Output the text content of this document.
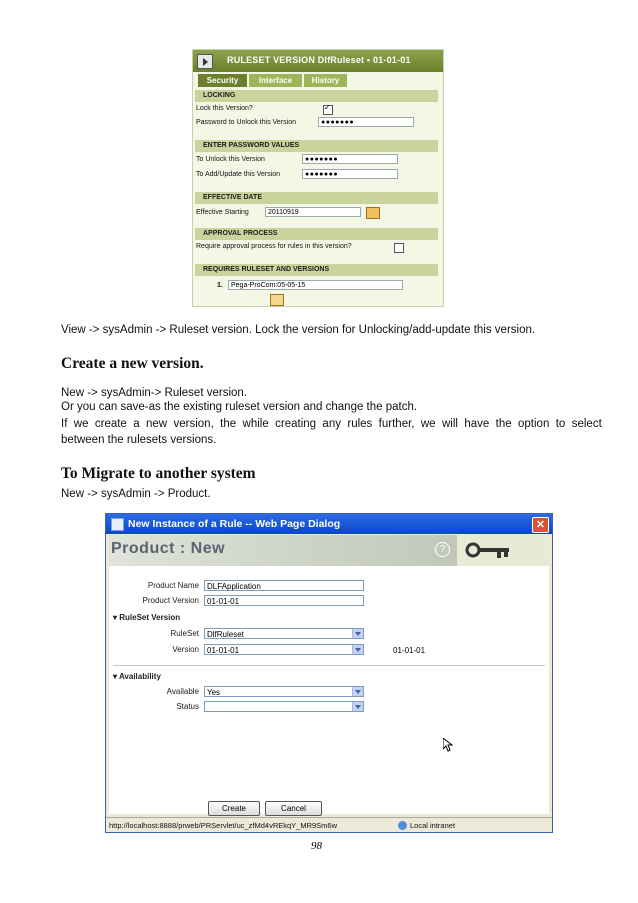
RULESET VERSION DlfRuleset • 01-01-01
Security	Interface	History
LOCKING
Lock this Version?	✓
Password to Unlock this Version	●●●●●●●
ENTER PASSWORD VALUES
To Unlock this Version	●●●●●●●
To Add/Update this Version	●●●●●●●
EFFECTIVE DATE
Effective Starting	20110919
APPROVAL PROCESS
Require approval process for rules in this version?
REQUIRES RULESET AND VERSIONS
1.	Pega-ProCom:05-05-15
View -> sysAdmin -> Ruleset version. Lock the version for Unlocking/add-update this version.
Create a new version.
New -> sysAdmin-> Ruleset version.
Or you can save-as the existing ruleset version and change the patch.
If  we  create  a  new  version,  the  while  creating  any  rules  further,  we  will  have  the  option  to  select
between the rulesets versions.
To Migrate to another system
New -> sysAdmin -> Product.
New Instance of a Rule -- Web Page Dialog	✕
Product : New	?
Product Name	DLFApplication
Product Version	01-01-01
▾ RuleSet Version
RuleSet	DlfRuleset
Version	01-01-01	01-01-01
▾ Availability
Available	Yes
Status
Create	Cancel
http://localhost:8888/prweb/PRServlet/uc_zfMd4vREkqY_MR9Sm6w	Local intranet
98
